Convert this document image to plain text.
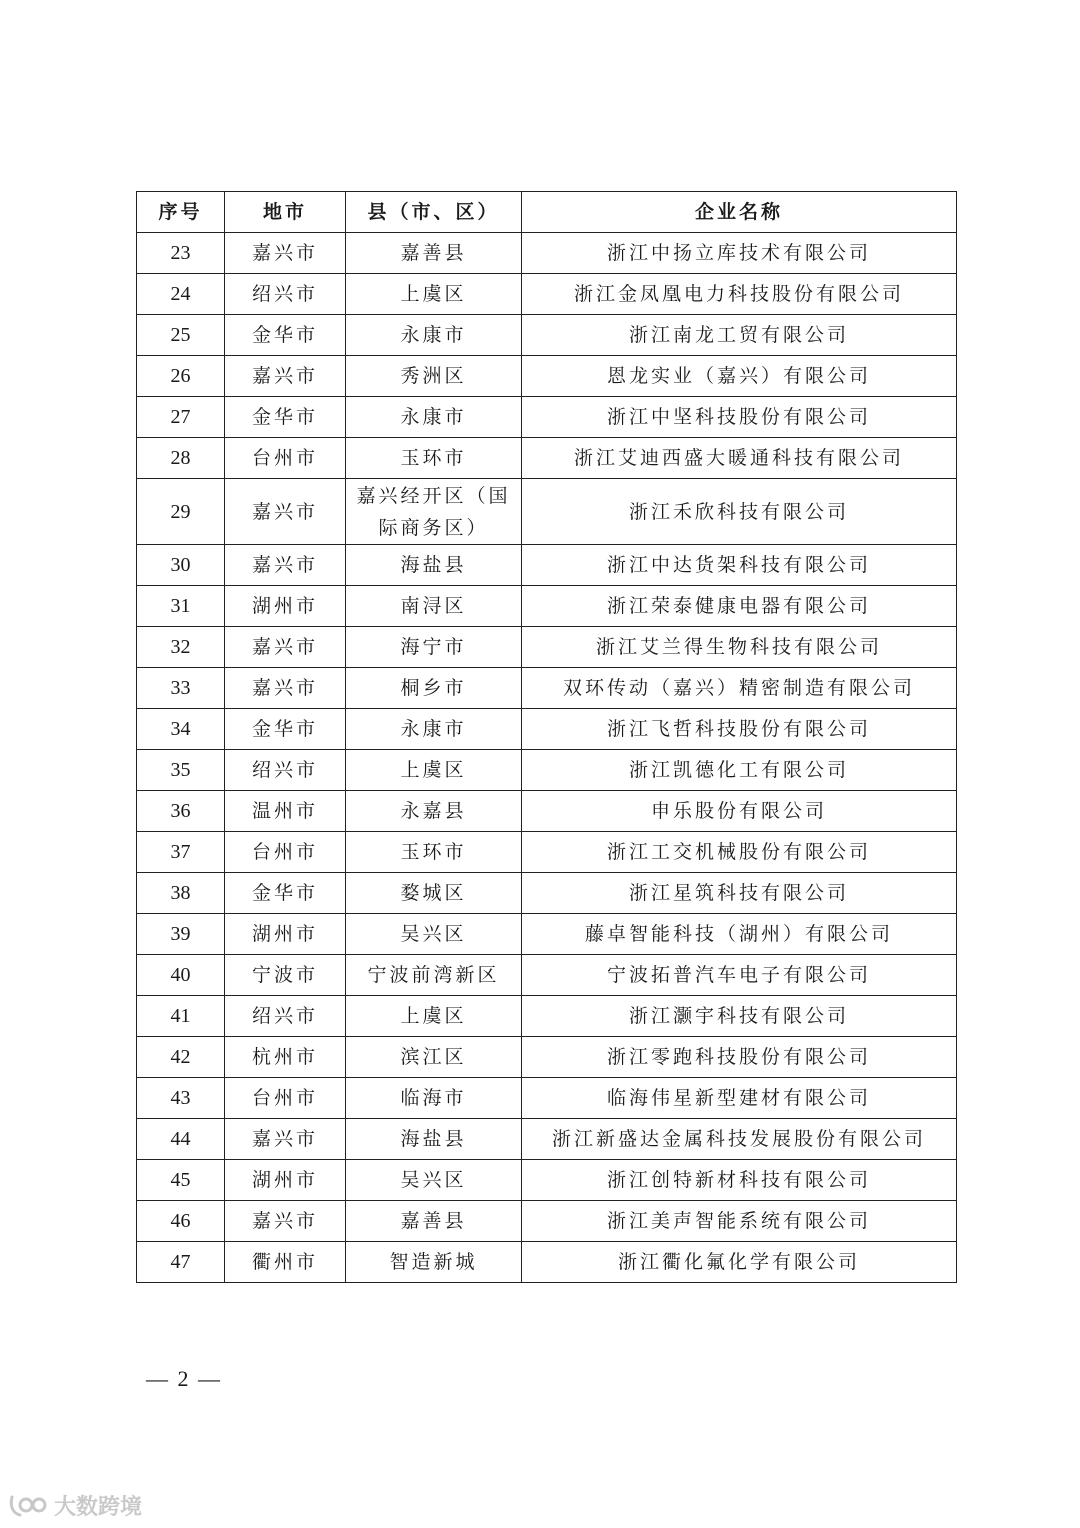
序号	地市	县（市、区）	企业名称
23	嘉兴市	嘉善县	浙江中扬立库技术有限公司
24	绍兴市	上虞区	浙江金凤凰电力科技股份有限公司
25	金华市	永康市	浙江南龙工贸有限公司
26	嘉兴市	秀洲区	恩龙实业（嘉兴）有限公司
27	金华市	永康市	浙江中坚科技股份有限公司
28	台州市	玉环市	浙江艾迪西盛大暖通科技有限公司
29	嘉兴市	嘉兴经开区（国际商务区）	浙江禾欣科技有限公司
30	嘉兴市	海盐县	浙江中达货架科技有限公司
31	湖州市	南浔区	浙江荣泰健康电器有限公司
32	嘉兴市	海宁市	浙江艾兰得生物科技有限公司
33	嘉兴市	桐乡市	双环传动（嘉兴）精密制造有限公司
34	金华市	永康市	浙江飞哲科技股份有限公司
35	绍兴市	上虞区	浙江凯德化工有限公司
36	温州市	永嘉县	申乐股份有限公司
37	台州市	玉环市	浙江工交机械股份有限公司
38	金华市	婺城区	浙江星筑科技有限公司
39	湖州市	吴兴区	藤卓智能科技（湖州）有限公司
40	宁波市	宁波前湾新区	宁波拓普汽车电子有限公司
41	绍兴市	上虞区	浙江灏宇科技有限公司
42	杭州市	滨江区	浙江零跑科技股份有限公司
43	台州市	临海市	临海伟星新型建材有限公司
44	嘉兴市	海盐县	浙江新盛达金属科技发展股份有限公司
45	湖州市	吴兴区	浙江创特新材科技有限公司
46	嘉兴市	嘉善县	浙江美声智能系统有限公司
47	衢州市	智造新城	浙江衢化氟化学有限公司
— 2 —
大数跨境
